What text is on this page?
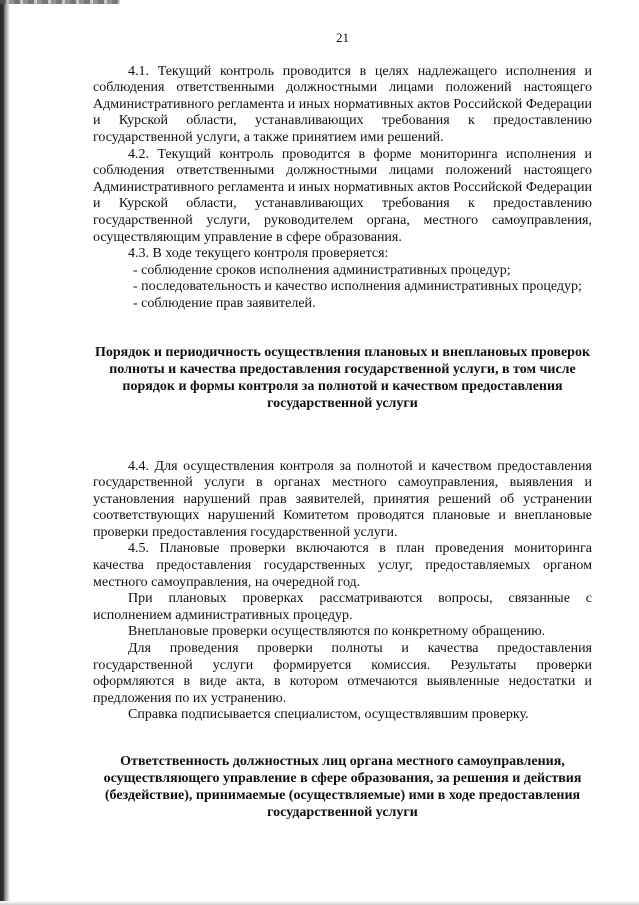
21

4.1. Текущий контроль проводится в целях надлежащего исполнения и соблюдения ответственными должностными лицами положений настоящего Административного регламента и иных нормативных актов Российской Федерации и Курской области, устанавливающих требования к предоставлению государственной услуги, а также принятием ими решений.

4.2. Текущий контроль проводится в форме мониторинга исполнения и соблюдения ответственными должностными лицами положений настоящего Административного регламента и иных нормативных актов Российской Федерации и Курской области, устанавливающих требования к предоставлению государственной услуги, руководителем органа, местного самоуправления, осуществляющим управление в сфере образования.

4.3. В ходе текущего контроля проверяется:

- соблюдение сроков исполнения административных процедур;

- последовательность и качество исполнения административных процедур;

- соблюдение прав заявителей.

Порядок и периодичность осуществления плановых и внеплановых проверок полноты и качества предоставления государственной услуги, в том числе порядок и формы контроля за полнотой и качеством предоставления государственной услуги

4.4. Для осуществления контроля за полнотой и качеством предоставления государственной услуги в органах местного самоуправления, выявления и установления нарушений прав заявителей, принятия решений об устранении соответствующих нарушений Комитетом проводятся плановые и внеплановые проверки предоставления государственной услуги.

4.5. Плановые проверки включаются в план проведения мониторинга качества предоставления государственных услуг, предоставляемых органом местного самоуправления, на очередной год.

При плановых проверках рассматриваются вопросы, связанные с исполнением административных процедур.

Внеплановые проверки осуществляются по конкретному обращению.

Для проведения проверки полноты и качества предоставления государственной услуги формируется комиссия. Результаты проверки оформляются в виде акта, в котором отмечаются выявленные недостатки и предложения по их устранению.

Справка подписывается специалистом, осуществлявшим проверку.

Ответственность должностных лиц органа местного самоуправления, осуществляющего управление в сфере образования, за решения и действия (бездействие), принимаемые (осуществляемые) ими в ходе предоставления государственной услуги
